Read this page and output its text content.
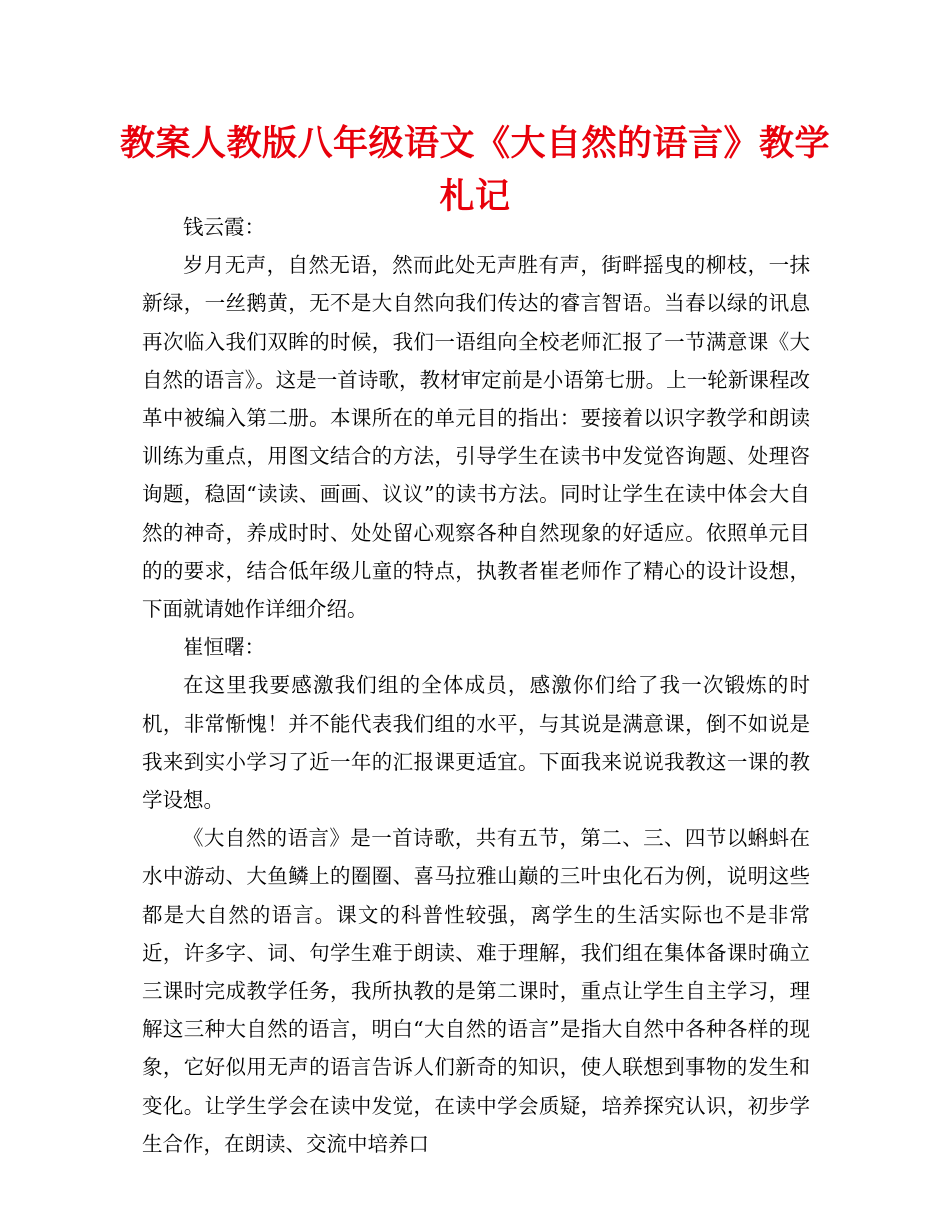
教案人教版八年级语文《大自然的语言》教学札记

钱云霞：

岁月无声，自然无语，然而此处无声胜有声，街畔摇曳的柳枝，一抹新绿，一丝鹅黄，无不是大自然向我们传达的睿言智语。当春以绿的讯息再次临入我们双眸的时候，我们一语组向全校老师汇报了一节满意课《大自然的语言》。这是一首诗歌，教材审定前是小语第七册。上一轮新课程改革中被编入第二册。本课所在的单元目的指出：要接着以识字教学和朗读训练为重点，用图文结合的方法，引导学生在读书中发觉咨询题、处理咨询题，稳固“读读、画画、议议”的读书方法。同时让学生在读中体会大自然的神奇，养成时时、处处留心观察各种自然现象的好适应。依照单元目的的要求，结合低年级儿童的特点，执教者崔老师作了精心的设计设想，下面就请她作详细介绍。

崔恒曙：

在这里我要感激我们组的全体成员，感激你们给了我一次锻炼的时机，非常惭愧！并不能代表我们组的水平，与其说是满意课，倒不如说是我来到实小学习了近一年的汇报课更适宜。下面我来说说我教这一课的教学设想。

《大自然的语言》是一首诗歌，共有五节，第二、三、四节以蝌蚪在水中游动、大鱼鳞上的圈圈、喜马拉雅山巅的三叶虫化石为例，说明这些都是大自然的语言。课文的科普性较强，离学生的生活实际也不是非常近，许多字、词、句学生难于朗读、难于理解，我们组在集体备课时确立三课时完成教学任务，我所执教的是第二课时，重点让学生自主学习，理解这三种大自然的语言，明白“大自然的语言”是指大自然中各种各样的现象，它好似用无声的语言告诉人们新奇的知识，使人联想到事物的发生和变化。让学生学会在读中发觉，在读中学会质疑，培养探究认识，初步学生合作，在朗读、交流中培养口
